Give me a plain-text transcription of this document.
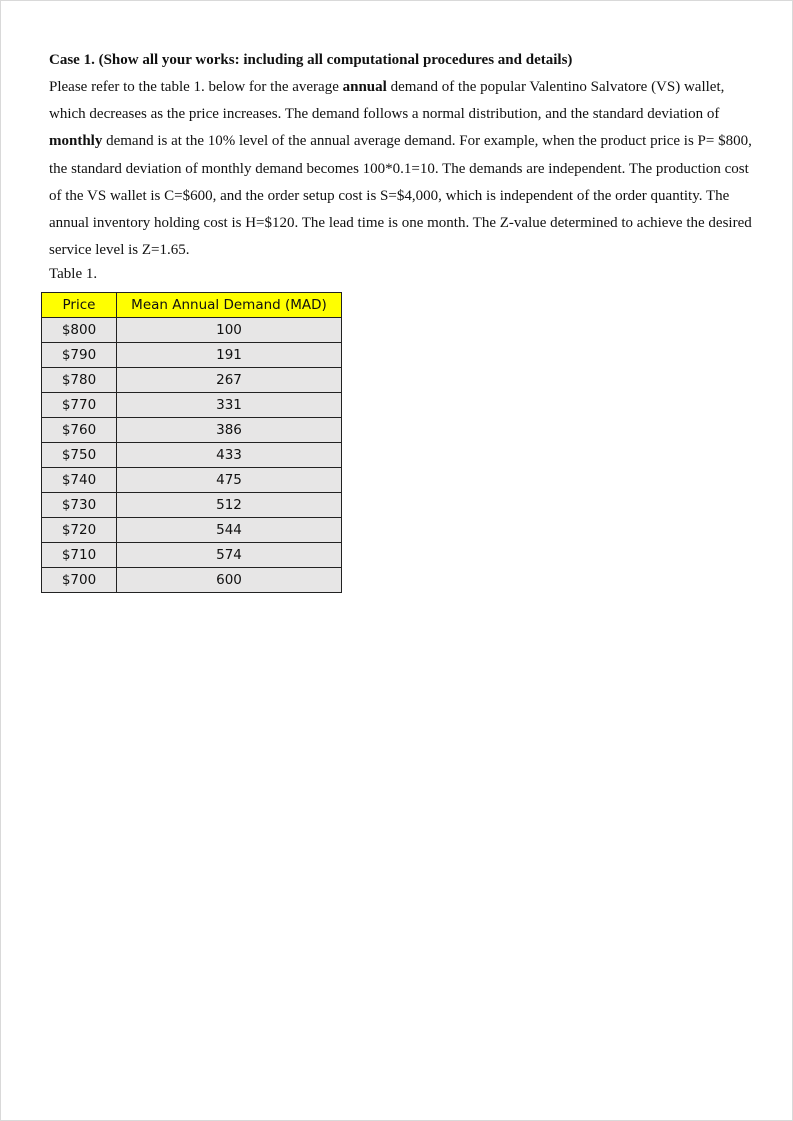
Case 1. (Show all your works: including all computational procedures and details)

Please refer to the table 1. below for the average annual demand of the popular Valentino Salvatore (VS) wallet, which decreases as the price increases. The demand follows a normal distribution, and the standard deviation of monthly demand is at the 10% level of the annual average demand. For example, when the product price is P= $800, the standard deviation of monthly demand becomes 100*0.1=10. The demands are independent. The production cost of the VS wallet is C=$600, and the order setup cost is S=$4,000, which is independent of the order quantity. The annual inventory holding cost is H=$120. The lead time is one month. The Z-value determined to achieve the desired service level is Z=1.65.

Table 1.

Price	Mean Annual Demand (MAD)
$800	100
$790	191
$780	267
$770	331
$760	386
$750	433
$740	475
$730	512
$720	544
$710	574
$700	600
